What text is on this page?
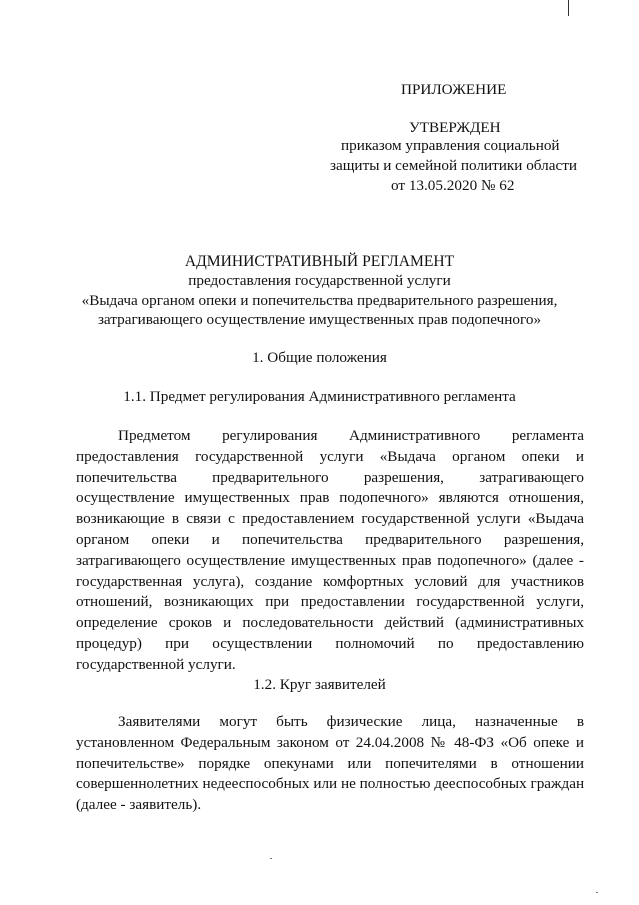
ПРИЛОЖЕНИЕ
УТВЕРЖДЕН
приказом управления социальной
защиты и семейной политики области
от 13.05.2020 № 62
АДМИНИСТРАТИВНЫЙ РЕГЛАМЕНТ
предоставления государственной услуги
«Выдача органом опеки и попечительства предварительного разрешения,
затрагивающего осуществление имущественных прав подопечного»
1. Общие положения
1.1. Предмет регулирования Административного регламента
Предметом регулирования Административного регламента
предоставления государственной услуги «Выдача органом опеки и
попечительства предварительного разрешения, затрагивающего
осуществление имущественных прав подопечного» являются отношения,
возникающие в связи с предоставлением государственной услуги «Выдача
органом опеки и попечительства предварительного разрешения,
затрагивающего осуществление имущественных прав подопечного» (далее -
государственная услуга), создание комфортных условий для участников
отношений, возникающих при предоставлении государственной услуги,
определение сроков и последовательности действий (административных
процедур) при осуществлении полномочий по предоставлению
государственной услуги.
1.2. Круг заявителей
Заявителями могут быть физические лица, назначенные в
установленном Федеральным законом от 24.04.2008 № 48-ФЗ «Об опеке и
попечительстве» порядке опекунами или попечителями в отношении
совершеннолетних недееспособных или не полностью дееспособных граждан
(далее - заявитель).
